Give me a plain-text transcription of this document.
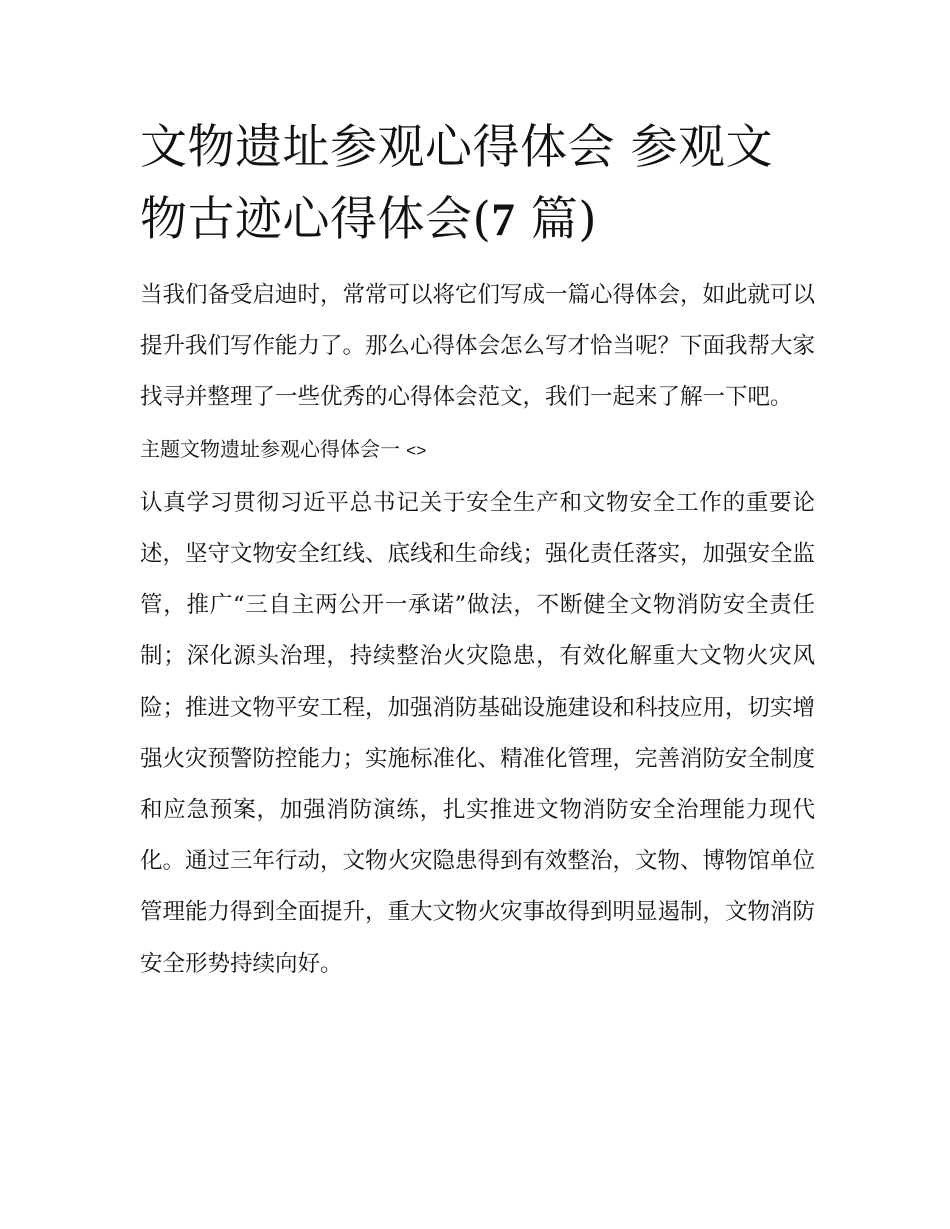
文物遗址参观心得体会 参观文
物古迹心得体会(7 篇)

当我们备受启迪时，常常可以将它们写成一篇心得体会，如此就可以提升我们写作能力了。那么心得体会怎么写才恰当呢？下面我帮大家找寻并整理了一些优秀的心得体会范文，我们一起来了解一下吧。

主题文物遗址参观心得体会一 <>

认真学习贯彻习近平总书记关于安全生产和文物安全工作的重要论述，坚守文物安全红线、底线和生命线；强化责任落实，加强安全监管，推广“三自主两公开一承诺”做法，不断健全文物消防安全责任制；深化源头治理，持续整治火灾隐患，有效化解重大文物火灾风险；推进文物平安工程，加强消防基础设施建设和科技应用，切实增强火灾预警防控能力；实施标准化、精准化管理，完善消防安全制度和应急预案，加强消防演练，扎实推进文物消防安全治理能力现代化。通过三年行动，文物火灾隐患得到有效整治，文物、博物馆单位管理能力得到全面提升，重大文物火灾事故得到明显遏制，文物消防安全形势持续向好。
